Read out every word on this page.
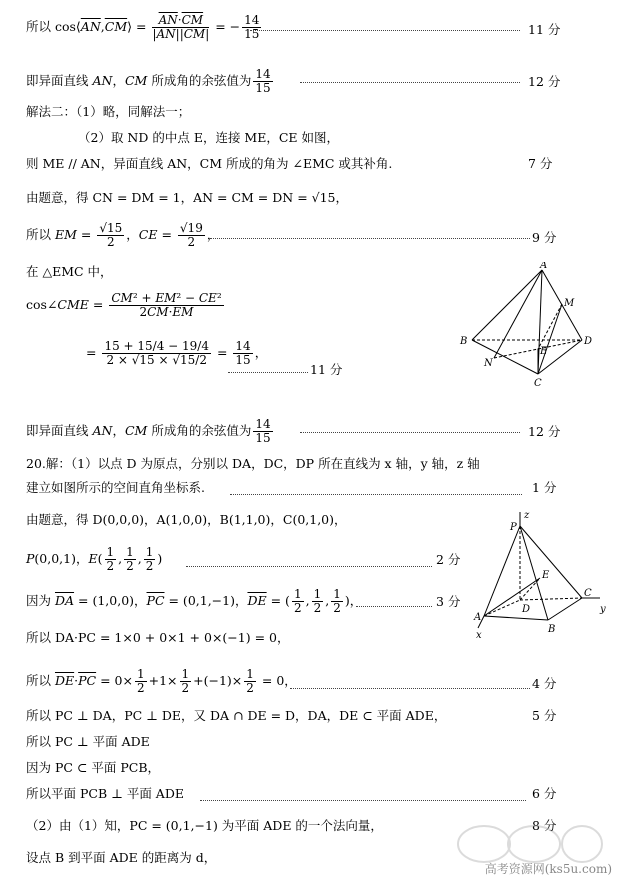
所以 $\cos⟨\overline{AN},\overline{CM}⟩ = \frac{\overline{AN}\cdot\overline{CM}}{|AN||CM|}$ = − $\frac{14}{15}$	11 分
即异面直线 AN，CM 所成角的余弦值为 $\frac{14}{15}$	12 分
解法二：（1）略，同解法一；
（2）取 ND 的中点 E，连接 ME，CE 如图，
则 ME // AN，异面直线 AN，CM 所成的角为 ∠EMC 或其补角.	7 分
由题意，得 CN = DM = 1，AN = CM = DN = √15，
所以 EM = $\frac{√15}{2}$ ，CE = $\frac{√19}{2}$ ，	9 分
在 △EMC 中，
cos∠CME = $\frac{\text{CM² + EM² − CE²}}{2CM\cdot EM}$
= $\frac{15 + 15/4 - 19/4}{2 \times √15 \times √15/2} = \frac{14}{15}$ ，
11 分
A
M
B	D
E
N
C
即异面直线 AN，CM 所成角的余弦值为 $\frac{14}{15}$	12 分
20.解：（1）以点 D 为原点，分别以 DA，DC，DP 所在直线为 x 轴，y 轴，z 轴
建立如图所示的空间直角坐标系.	1 分
由题意，得 D(0,0,0)，A(1,0,0)，B(1,1,0)，C(0,1,0)，
P(0,0,1)，$E( \frac{1}{2}$ , $\frac{1}{2}$ , $\frac{1}{2}$ )	2 分
因为 $\overline{DA} = (1,0,0)$，$\overline{PC} = (0,1,-1)$，$\overline{DE}$ = ( $\frac{1}{2}$ , $\frac{1}{2}$ , $\frac{1}{2}$ )，	3 分
P
z
E
C
y
A
D
B
x
所以 DA·PC = 1×0 + 0×1 + 0×(−1) = 0，
所以 $\overline{DE}\cdot\overline{PC} = 0\times \frac{1}{2} +1\times \frac{1}{2} +(-1)\times \frac{1}{2} = 0$，	4 分
所以 PC ⊥ DA，PC ⊥ DE，又 DA ∩ DE = D，DA，DE ⊂ 平面 ADE，	5 分
所以 PC ⊥ 平面 ADE
因为 PC ⊂ 平面 PCB，
所以平面 PCB ⊥ 平面 ADE	6 分
（2）由（1）知，PC = (0,1,−1) 为平面 ADE 的一个法向量，	8 分
设点 B 到平面 ADE 的距离为 d，
高考资源网(ks5u.com)
